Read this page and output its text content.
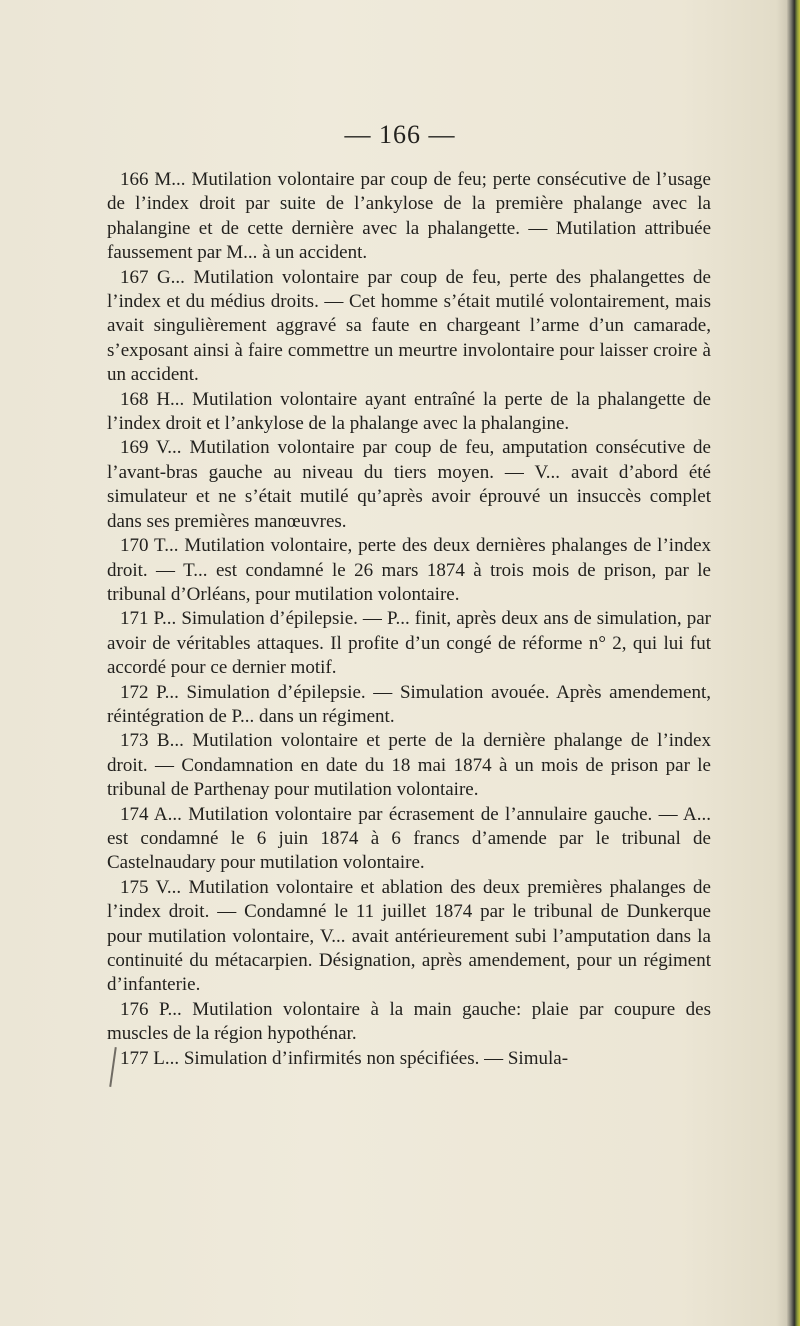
— 166 —

166 M... Mutilation volontaire par coup de feu; perte consécutive de l’usage de l’index droit par suite de l’ankylose de la première phalange avec la phalangine et de cette dernière avec la phalangette. — Mutilation attribuée faussement par M... à un accident.

167 G... Mutilation volontaire par coup de feu, perte des phalangettes de l’index et du médius droits. — Cet homme s’était mutilé volontairement, mais avait singulièrement aggravé sa faute en chargeant l’arme d’un camarade, s’exposant ainsi à faire commettre un meurtre involontaire pour laisser croire à un accident.

168 H... Mutilation volontaire ayant entraîné la perte de la phalangette de l’index droit et l’ankylose de la phalange avec la phalangine.

169 V... Mutilation volontaire par coup de feu, amputation consécutive de l’avant-bras gauche au niveau du tiers moyen. — V... avait d’abord été simulateur et ne s’était mutilé qu’après avoir éprouvé un insuccès complet dans ses premières manœuvres.

170 T... Mutilation volontaire, perte des deux dernières phalanges de l’index droit. — T... est condamné le 26 mars 1874 à trois mois de prison, par le tribunal d’Orléans, pour mutilation volontaire.

171 P... Simulation d’épilepsie. — P... finit, après deux ans de simulation, par avoir de véritables attaques. Il profite d’un congé de réforme n° 2, qui lui fut accordé pour ce dernier motif.

172 P... Simulation d’épilepsie. — Simulation avouée. Après amendement, réintégration de P... dans un régiment.

173 B... Mutilation volontaire et perte de la dernière phalange de l’index droit. — Condamnation en date du 18 mai 1874 à un mois de prison par le tribunal de Parthenay pour mutilation volontaire.

174 A... Mutilation volontaire par écrasement de l’annulaire gauche. — A... est condamné le 6 juin 1874 à 6 francs d’amende par le tribunal de Castelnaudary pour mutilation volontaire.

175 V... Mutilation volontaire et ablation des deux premières phalanges de l’index droit. — Condamné le 11 juillet 1874 par le tribunal de Dunkerque pour mutilation volontaire, V... avait antérieurement subi l’amputation dans la continuité du métacarpien. Désignation, après amendement, pour un régiment d’infanterie.

176 P... Mutilation volontaire à la main gauche: plaie par coupure des muscles de la région hypothénar.

177 L... Simulation d’infirmités non spécifiées. — Simula-
